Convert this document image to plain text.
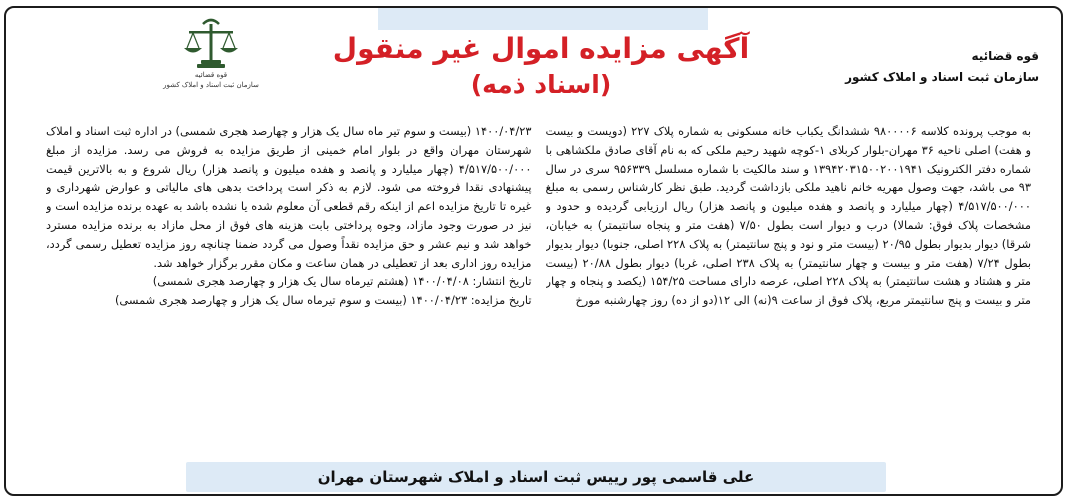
قوه قضائیه
سازمان ثبت اسناد و املاک کشور
آگهی مزایده اموال غیر منقول
(اسناد ذمه)
قوه قضائیه
سازمان ثبت اسناد و املاک کشور

به موجب پرونده کلاسه ۹۸۰۰۰۰۶ ششدانگ یکباب خانه مسکونی به شماره پلاک ۲۲۷ (دویست و بیست و هفت) اصلی ناحیه ۳۶ مهران-بلوار کربلای ۱-کوچه شهید رحیم ملکی که به نام آقای صادق ملکشاهی با شماره دفتر الکترونیک ۱۳۹۴۲۰۳۱۵۰۰۲۰۰۱۹۴۱ و سند مالکیت با شماره مسلسل ۹۵۶۳۳۹ سری در سال ۹۳ می باشد، جهت وصول مهریه خانم ناهید ملکی بازداشت گردید. طبق نظر کارشناس رسمی به مبلغ ۴/۵۱۷/۵۰۰/۰۰۰ (چهار میلیارد و پانصد و هفده میلیون و پانصد هزار) ریال ارزیابی گردیده و حدود و مشخصات پلاک فوق: شمالا) درب و دیوار است بطول ۷/۵۰ (هفت متر و پنجاه سانتیمتر) به خیابان، شرقا) دیوار بدیوار بطول ۲۰/۹۵ (بیست متر و نود و پنج سانتیمتر) به پلاک ۲۲۸ اصلی، جنوبا) دیوار بدیوار بطول ۷/۲۴ (هفت متر و بیست و چهار سانتیمتر) به پلاک ۲۳۸ اصلی، غربا) دیوار بطول ۲۰/۸۸ (بیست متر و هشتاد و هشت سانتیمتر) به پلاک ۲۲۸ اصلی، عرصه دارای مساحت ۱۵۴/۲۵ (یکصد و پنجاه و چهار متر و بیست و پنج سانتیمتر مربع، پلاک فوق از ساعت ۹(نه) الی ۱۲(دو از ده) روز چهارشنبه مورخ

۱۴۰۰/۰۴/۲۳ (بیست و سوم تیر ماه سال یک هزار و چهارصد هجری شمسی) در اداره ثبت اسناد و املاک شهرستان مهران واقع در بلوار امام خمینی از طریق مزایده به فروش می رسد. مزایده از مبلغ ۴/۵۱۷/۵۰۰/۰۰۰ (چهار میلیارد و پانصد و هفده میلیون و پانصد هزار) ریال شروع و به بالاترین قیمت پیشنهادی نقدا فروخته می شود. لازم به ذکر است پرداخت بدهی های مالیاتی و عوارض شهرداری و غیره تا تاریخ مزایده اعم از اینکه رقم قطعی آن معلوم شده یا نشده باشد به عهده برنده مزایده است و نیز در صورت وجود مازاد، وجوه پرداختی بابت هزینه های فوق از محل مازاد به برنده مزایده مسترد خواهد شد و نیم عشر و حق مزایده نقداً وصول می گردد ضمنا چنانچه روز مزایده تعطیل رسمی گردد، مزایده روز اداری بعد از تعطیلی در همان ساعت و مکان مقرر برگزار خواهد شد.

تاریخ انتشار: ۱۴۰۰/۰۴/۰۸ (هشتم تیرماه سال یک هزار و چهارصد هجری شمسی)

تاریخ مزایده: ۱۴۰۰/۰۴/۲۳ (بیست و سوم تیرماه سال یک هزار و چهارصد هجری شمسی)

علی قاسمی پور رییس ثبت اسناد و املاک شهرستان مهران
